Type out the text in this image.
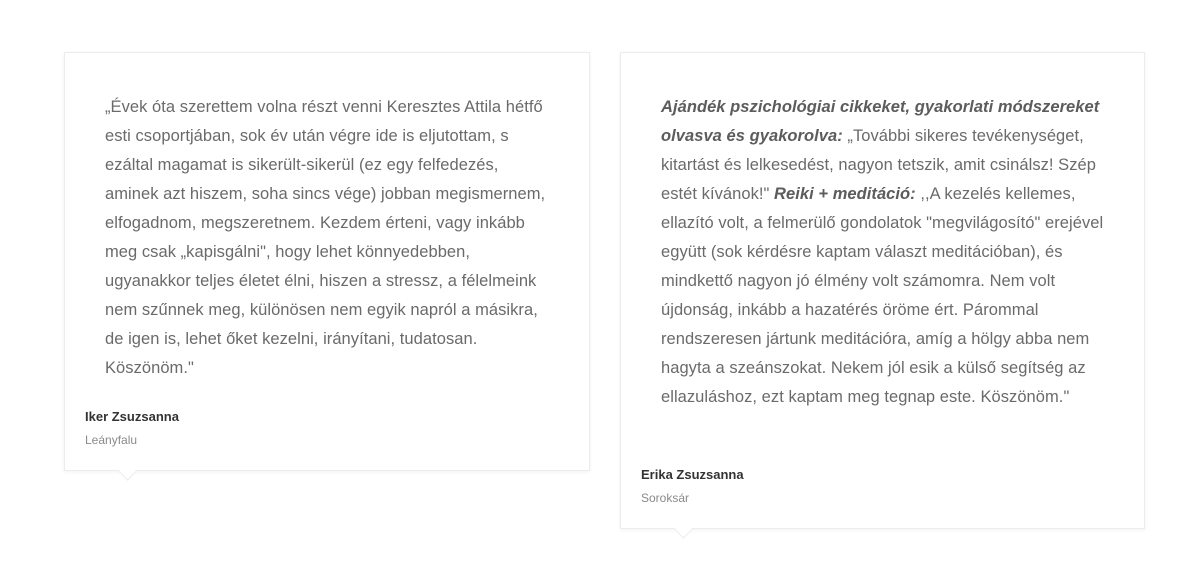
„Évek óta szerettem volna részt venni Keresztes Attila hétfő esti csoportjában, sok év után végre ide is eljutottam, s ezáltal magamat is sikerült-sikerül (ez egy felfedezés, aminek azt hiszem, soha sincs vége) jobban megismernem, elfogadnom, megszeretnem. Kezdem érteni, vagy inkább meg csak „kapisgálni", hogy lehet könnyedebben, ugyanakkor teljes életet élni, hiszen a stressz, a félelmeink nem szűnnek meg, különösen nem egyik napról a másikra, de igen is, lehet őket kezelni, irányítani, tudatosan. Köszönöm."

Iker Zsuzsanna

Leányfalu

Ajándék pszichológiai cikkeket, gyakorlati módszereket olvasva és gyakorolva: „További sikeres tevékenységet, kitartást és lelkesedést, nagyon tetszik, amit csinálsz! Szép estét kívánok!" Reiki + meditáció: ,,A kezelés kellemes, ellazító volt, a felmerülő gondolatok "megvilágosító" erejével együtt (sok kérdésre kaptam választ meditációban), és mindkettő nagyon jó élmény volt számomra. Nem volt újdonság, inkább a hazatérés öröme ért. Párommal rendszeresen jártunk meditációra, amíg a hölgy abba nem hagyta a szeánszokat. Nekem jól esik a külső segítség az ellazuláshoz, ezt kaptam meg tegnap este. Köszönöm."

Erika Zsuzsanna

Soroksár
